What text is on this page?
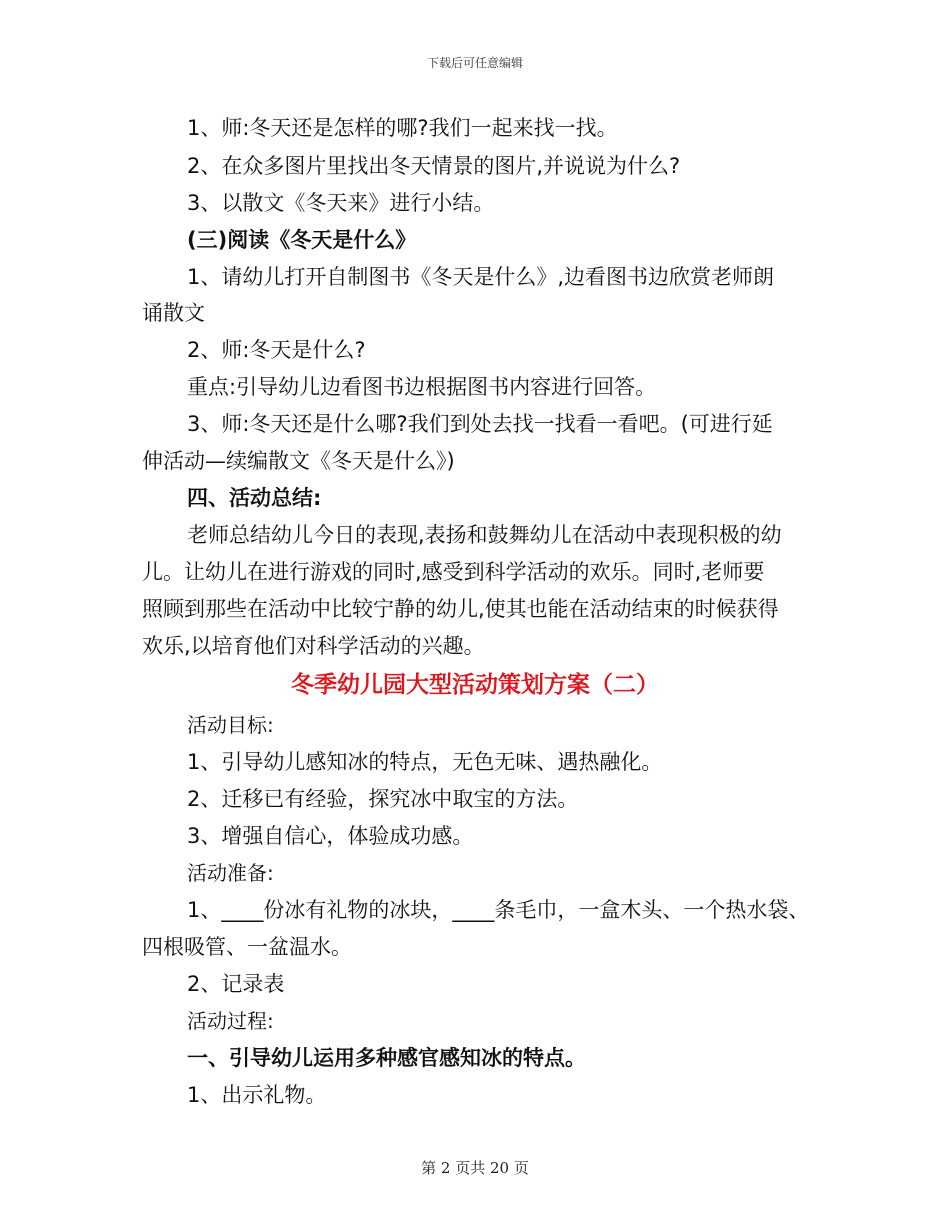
下载后可任意编辑
1、师:冬天还是怎样的哪?我们一起来找一找。
2、在众多图片里找出冬天情景的图片,并说说为什么?
3、以散文《冬天来》进行小结。
(三)阅读《冬天是什么》
1、请幼儿打开自制图书《冬天是什么》,边看图书边欣赏老师朗
诵散文
2、师:冬天是什么?
重点:引导幼儿边看图书边根据图书内容进行回答。
3、师:冬天还是什么哪?我们到处去找一找看一看吧。(可进行延
伸活动—续编散文《冬天是什么》)
四、活动总结:
老师总结幼儿今日的表现,表扬和鼓舞幼儿在活动中表现积极的幼
儿。让幼儿在进行游戏的同时,感受到科学活动的欢乐。同时,老师要
照顾到那些在活动中比较宁静的幼儿,使其也能在活动结束的时候获得
欢乐,以培育他们对科学活动的兴趣。
冬季幼儿园大型活动策划方案（二）
活动目标:
1、引导幼儿感知冰的特点，无色无味、遇热融化。
2、迁移已有经验，探究冰中取宝的方法。
3、增强自信心，体验成功感。
活动准备:
1、____份冰有礼物的冰块，____条毛巾，一盒木头、一个热水袋、
四根吸管、一盆温水。
2、记录表
活动过程:
一、引导幼儿运用多种感官感知冰的特点。
1、出示礼物。
第 2 页共 20 页
